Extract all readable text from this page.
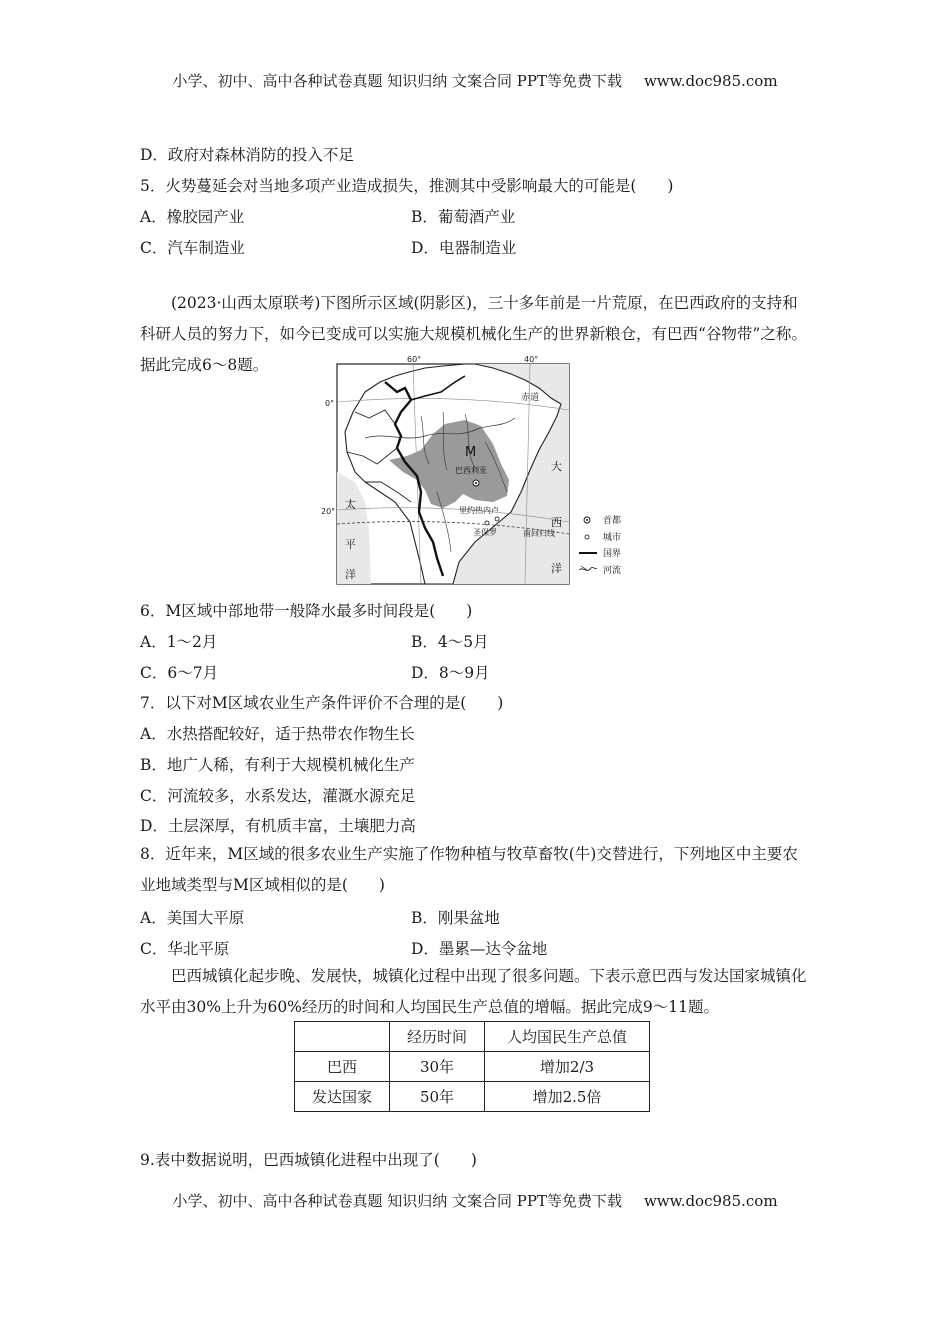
小学、初中、高中各种试卷真题 知识归纳 文案合同 PPT等免费下载 www.doc985.com
D．政府对森林消防的投入不足
5．火势蔓延会对当地多项产业造成损失，推测其中受影响最大的可能是(　　)
A．橡胶园产业	B．葡萄酒产业
C．汽车制造业	D．电器制造业
(2023·山西太原联考)下图所示区域(阴影区)，三十多年前是一片荒原，在巴西政府的支持和科研人员的努力下，如今已变成可以实施大规模机械化生产的世界新粮仓，有巴西“谷物带”之称。据此完成6～8题。	60°	40°
0°
20°
赤道
M
巴西利亚
里约热内卢
圣保罗	南回归线
太
平
洋
大
西
洋
首都
城市
国界
河流
6．M区域中部地带一般降水最多时间段是(　　)
A．1～2月	B．4～5月
C．6～7月	D．8～9月
7．以下对M区域农业生产条件评价不合理的是(　　)
A．水热搭配较好，适于热带农作物生长
B．地广人稀，有利于大规模机械化生产
C．河流较多，水系发达，灌溉水源充足
D．土层深厚，有机质丰富，土壤肥力高
8．近年来，M区域的很多农业生产实施了作物种植与牧草畜牧(牛)交替进行，下列地区中主要农业地域类型与M区域相似的是(　　)
A．美国大平原	B．刚果盆地
C．华北平原	D．墨累—达令盆地
巴西城镇化起步晚、发展快，城镇化过程中出现了很多问题。下表示意巴西与发达国家城镇化水平由30%上升为60%经历的时间和人均国民生产总值的增幅。据此完成9～11题。
	经历时间	人均国民生产总值
巴西	30年	增加2/3
发达国家	50年	增加2.5倍
9.表中数据说明，巴西城镇化进程中出现了(　　)
小学、初中、高中各种试卷真题 知识归纳 文案合同 PPT等免费下载 www.doc985.com
